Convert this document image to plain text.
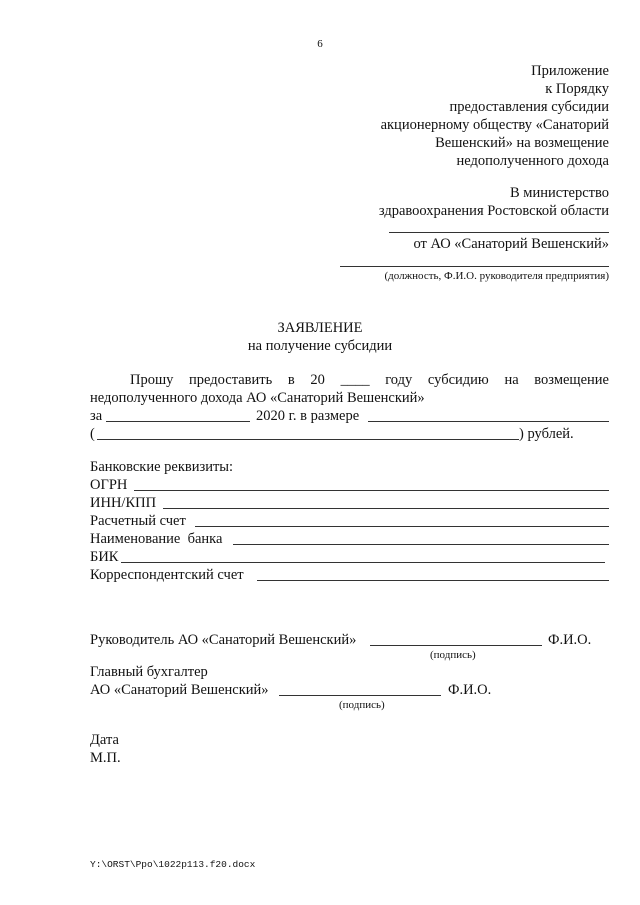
6
Приложение
к Порядку
предоставления субсидии
акционерному обществу «Санаторий
Вешенский» на возмещение
недополученного дохода
В министерство
здравоохранения Ростовской области
от АО «Санаторий Вешенский»
(должность, Ф.И.О. руководителя предприятия)
ЗАЯВЛЕНИЕ
на получение субсидии
Прошу предоставить в 20 ____ году субсидию на возмещение
недополученного дохода АО «Санаторий Вешенский»
за	2020 г. в размере
(	) рублей.
Банковские реквизиты:
ОГРН
ИНН/КПП
Расчетный счет
Наименование  банка
БИК
Корреспондентский счет
Руководитель АО «Санаторий Вешенский»	Ф.И.О.
(подпись)
Главный бухгалтер
АО «Санаторий Вешенский»	Ф.И.О.
(подпись)
Дата
М.П.
Y:\ORST\Ppo\1022p113.f20.docx
